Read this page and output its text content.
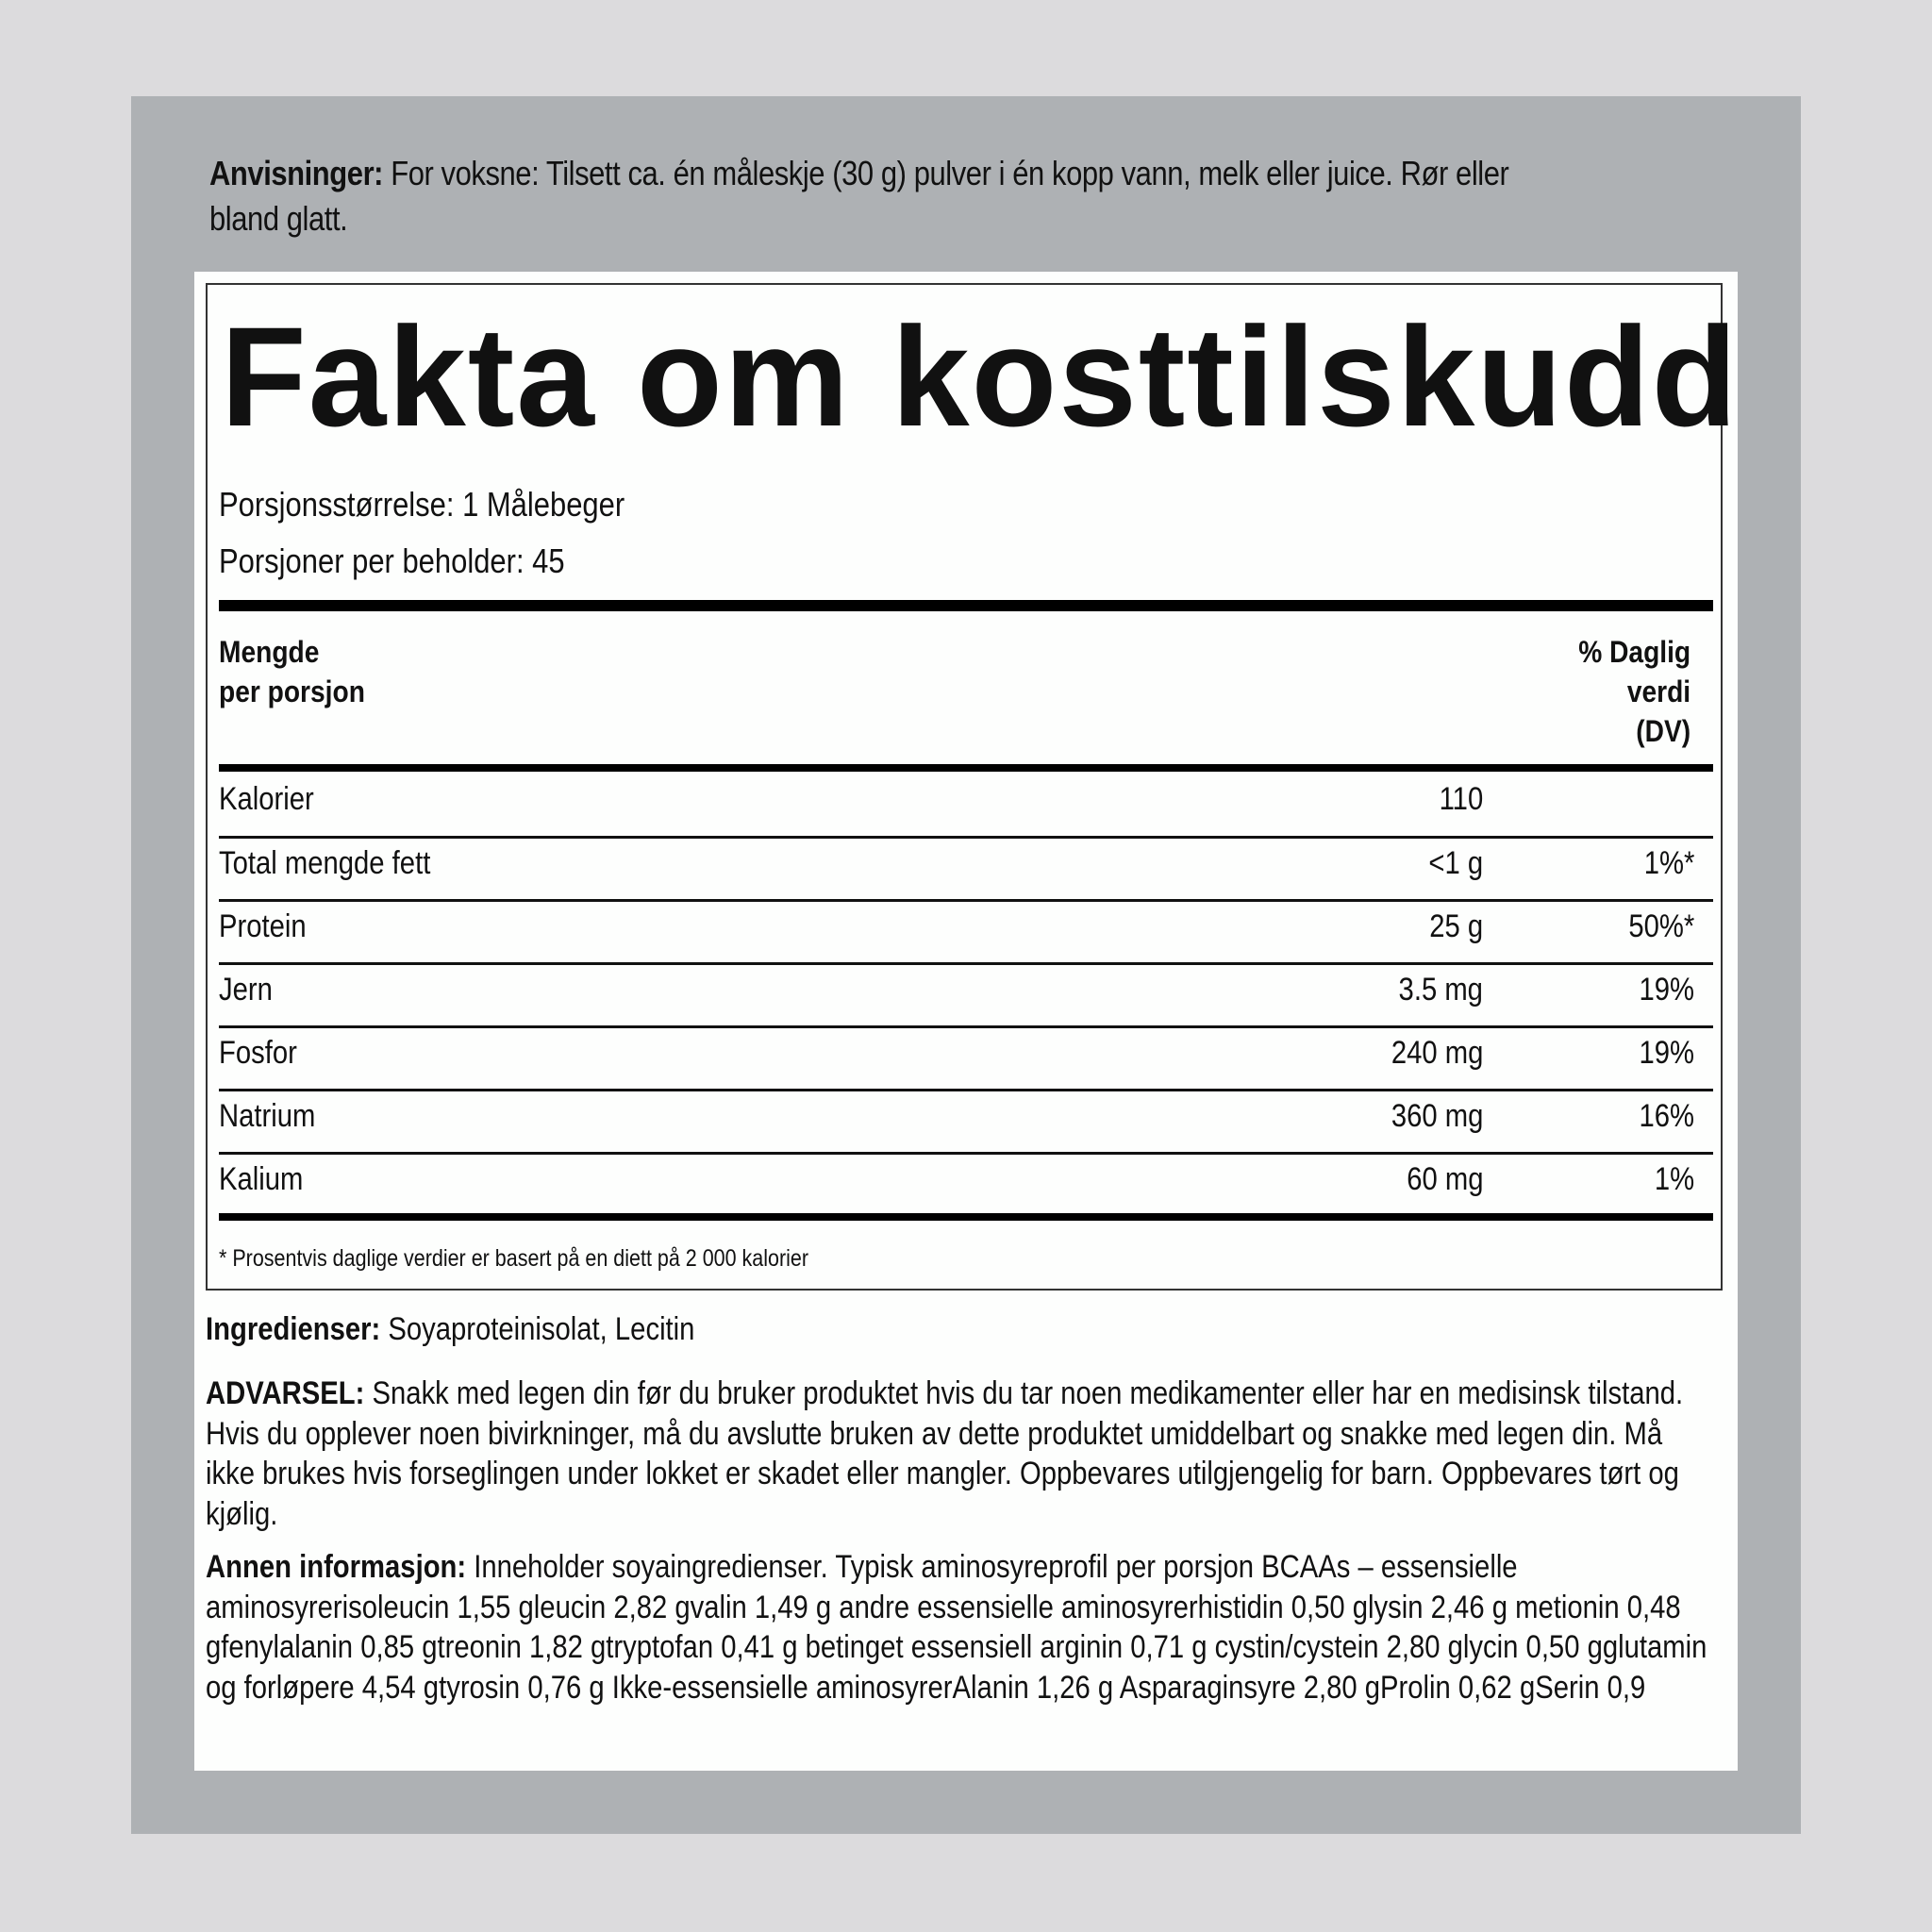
Anvisninger: For voksne: Tilsett ca. én måleskje (30 g) pulver i én kopp vann, melk eller juice. Rør eller bland glatt.
Fakta om kosttilskudd
Porsjonsstørrelse: 1 Målebeger
Porsjoner per beholder: 45
Mengde
per porsjon
% Daglig
verdi
(DV)
Kalorier	110
Total mengde fett	<1 g	1%*
Protein	25 g	50%*
Jern	3.5 mg	19%
Fosfor	240 mg	19%
Natrium	360 mg	16%
Kalium	60 mg	1%
* Prosentvis daglige verdier er basert på en diett på 2 000 kalorier
Ingredienser: Soyaproteinisolat, Lecitin
ADVARSEL: Snakk med legen din før du bruker produktet hvis du tar noen medikamenter eller har en medisinsk tilstand. Hvis du opplever noen bivirkninger, må du avslutte bruken av dette produktet umiddelbart og snakke med legen din. Må ikke brukes hvis forseglingen under lokket er skadet eller mangler. Oppbevares utilgjengelig for barn. Oppbevares tørt og kjølig.
Annen informasjon: Inneholder soyaingredienser. Typisk aminosyreprofil per porsjon BCAAs – essensielle aminosyrerisoleucin 1,55 gleucin 2,82 gvalin 1,49 g andre essensielle aminosyrerhistidin 0,50 glysin 2,46 g metionin 0,48 gfenylalanin 0,85 gtreonin 1,82 gtryptofan 0,41 g betinget essensiell arginin 0,71 g cystin/cystein 2,80 glycin 0,50 gglutamin og forløpere 4,54 gtyrosin 0,76 g Ikke-essensielle aminosyrerAlanin 1,26 g Asparaginsyre 2,80 gProlin 0,62 gSerin 0,9
